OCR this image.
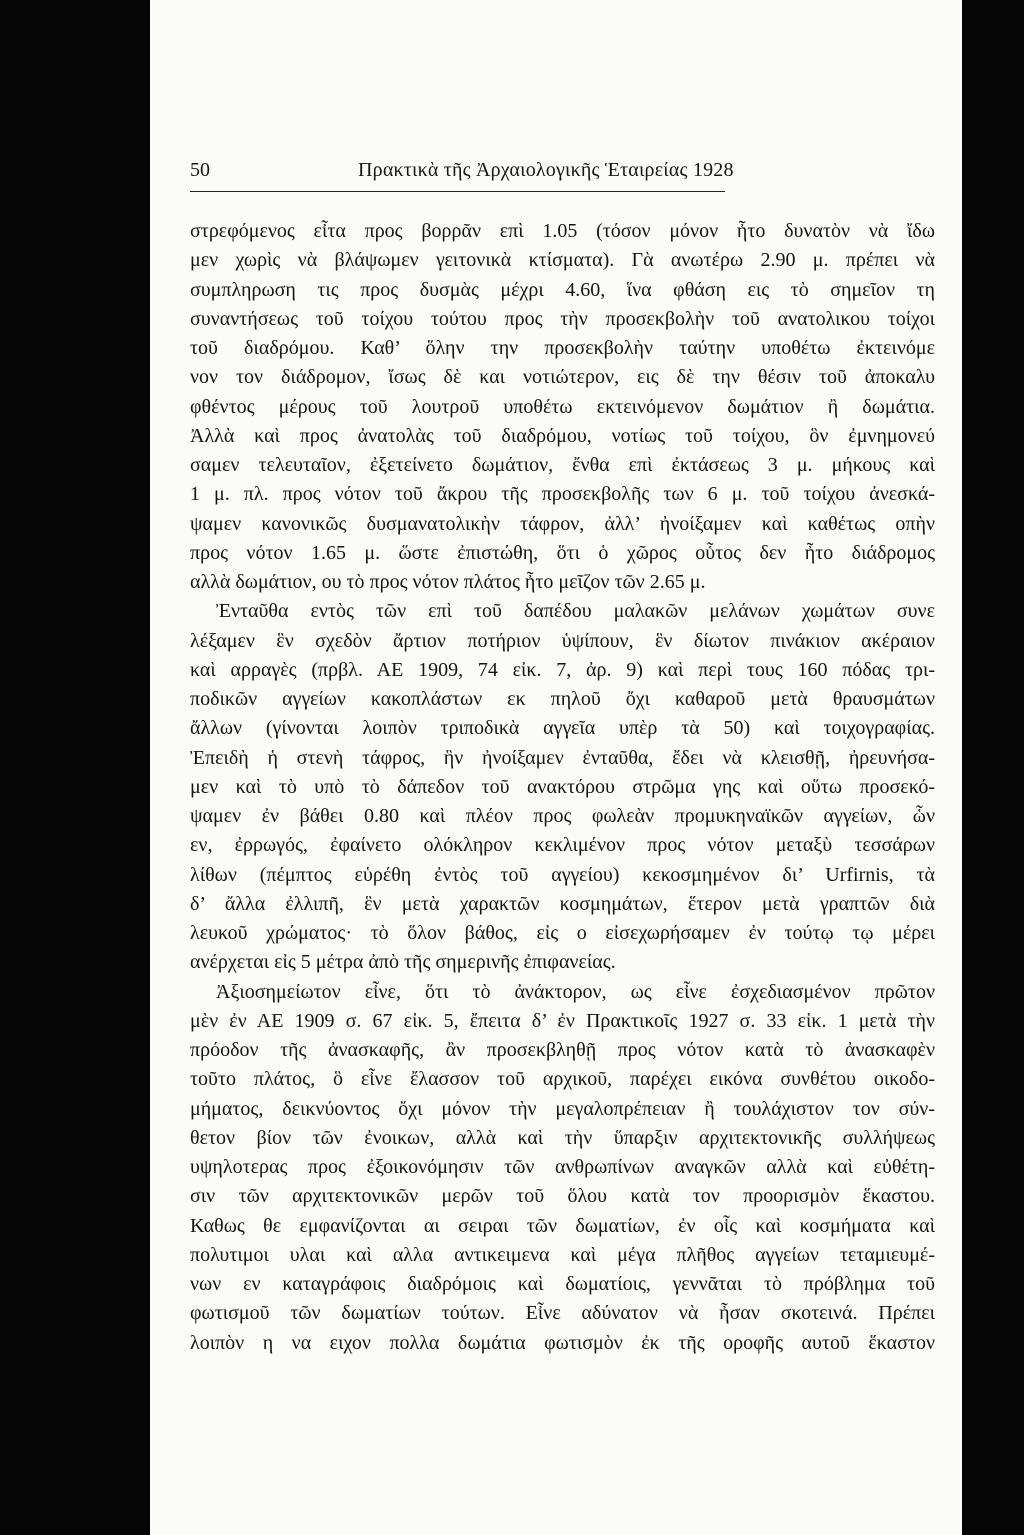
50	Πρακτικὰ τῆς Ἀρχαιολογικῆς Ἑταιρείας 1928
στρεφόμενος εἶτα προς βορρᾶν επὶ 1.05 (τόσον μόνον ἦτο δυνατὸν νὰ ἴδω
μεν χωρὶς νὰ βλάψωμεν γειτονικὰ κτίσματα). Γὰ ανωτέρω 2.90 μ. πρέπει νὰ
συμπληρωση τις προς δυσμὰς μέχρι 4.60, ἵνα φθάση εις τὸ σημεῖον τη
συναντήσεως τοῦ τοίχου τούτου προς τὴν προσεκβολὴν τοῦ ανατολικου τοίχοι
τοῦ διαδρόμου. Καθ’ ὅλην την προσεκβολὴν ταύτην υποθέτω ἐκτεινόμε
νον τον διάδρομον, ἴσως δὲ και νοτιώτερον, εις δὲ την θέσιν τοῦ ἀποκαλυ
φθέντος μέρους τοῦ λουτροῦ υποθέτω εκτεινόμενον δωμάτιον ἢ δωμάτια.
Ἀλλὰ καὶ προς ἀνατολὰς τοῦ διαδρόμου, νοτίως τοῦ τοίχου, ὃν ἐμνημονεύ
σαμεν τελευταῖον, ἐξετείνετο δωμάτιον, ἔνθα επὶ ἐκτάσεως 3 μ. μήκους καὶ
1 μ. πλ. προς νότον τοῦ ἄκρου τῆς προσεκβολῆς των 6 μ. τοῦ τοίχου ἀνεσκά-
ψαμεν κανονικῶς δυσμανατολικὴν τάφρον, ἀλλ’ ἠνοίξαμεν καὶ καθέτως οπὴν
προς νότον 1.65 μ. ὥστε ἐπιστώθη, ὅτι ὁ χῶρος οὗτος δεν ἦτο διάδρομος
αλλὰ δωμάτιον, ου τὸ προς νότον πλάτος ἦτο μεῖζον τῶν 2.65 μ.
Ἐνταῦθα εντὸς τῶν επὶ τοῦ δαπέδου μαλακῶν μελάνων χωμάτων συνε
λέξαμεν ἓν σχεδὸν ἄρτιον ποτήριον ὑψίπουν, ἓν δίωτον πινάκιον ακέραιον
καὶ αρραγὲς (πρβλ. ΑΕ 1909, 74 εἰκ. 7, ἀρ. 9) καὶ περὶ τους 160 πόδας τρι-
ποδικῶν αγγείων κακοπλάστων εκ πηλοῦ ὄχι καθαροῦ μετὰ θραυσμάτων
ἄλλων (γίνονται λοιπὸν τριποδικὰ αγγεῖα υπὲρ τὰ 50) καὶ τοιχογραφίας.
Ἐπειδὴ ἡ στενὴ τάφρος, ἣν ἠνοίξαμεν ἐνταῦθα, ἔδει νὰ κλεισθῇ, ἠρευνήσα-
μεν καὶ τὸ υπὸ τὸ δάπεδον τοῦ ανακτόρου στρῶμα γης καὶ οὕτω προσεκό-
ψαμεν ἐν βάθει 0.80 καὶ πλέον προς φωλεὰν προμυκηναϊκῶν αγγείων, ὧν
εν, ἐρρωγός, ἐφαίνετο ολόκληρον κεκλιμένον προς νότον μεταξὺ τεσσάρων
λίθων (πέμπτος εὑρέθη ἐντὸς τοῦ αγγείου) κεκοσμημένον δι’ Urfirnis, τὰ
δ’ ἄλλα ἐλλιπῆ, ἓν μετὰ χαρακτῶν κοσμημάτων, ἕτερον μετὰ γραπτῶν διὰ
λευκοῦ χρώματος· τὸ ὅλον βάθος, εἰς ο εἰσεχωρήσαμεν ἐν τούτῳ τῳ μέρει
ανέρχεται εἰς 5 μέτρα ἀπὸ τῆς σημερινῆς ἐπιφανείας.
Ἀξιοσημείωτον εἶνε, ὅτι τὸ ἀνάκτορον, ως εἶνε ἐσχεδιασμένον πρῶτον
μὲν ἐν ΑΕ 1909 σ. 67 εἰκ. 5, ἔπειτα δ’ ἐν Πρακτικοῖς 1927 σ. 33 εἰκ. 1 μετὰ τὴν
πρόοδον τῆς ἀνασκαφῆς, ἂν προσεκβληθῇ προς νότον κατὰ τὸ ἀνασκαφὲν
τοῦτο πλάτος, ὃ εἶνε ἔλασσον τοῦ αρχικοῦ, παρέχει εικόνα συνθέτου οικοδο-
μήματος, δεικνύοντος ὄχι μόνον τὴν μεγαλοπρέπειαν ἢ τουλάχιστον τον σύν-
θετον βίον τῶν ἐνοικων, αλλὰ καὶ τὴν ὕπαρξιν αρχιτεκτονικῆς συλλήψεως
υψηλοτερας προς ἐξοικονόμησιν τῶν ανθρωπίνων αναγκῶν αλλὰ καὶ εὐθέτη-
σιν τῶν αρχιτεκτονικῶν μερῶν τοῦ ὅλου κατὰ τον προορισμὸν ἕκαστου.
Καθως θε εμφανίζονται αι σειραι τῶν δωματίων, ἐν οἷς καὶ κοσμήματα καὶ
πολυτιμοι υλαι καὶ αλλα αντικειμενα καὶ μέγα πλῆθος αγγείων τεταμιευμέ-
νων εν καταγράφοις διαδρόμοις καὶ δωματίοις, γεννᾶται τὸ πρόβλημα τοῦ
φωτισμοῦ τῶν δωματίων τούτων. Εἶνε αδύνατον νὰ ἦσαν σκοτεινά. Πρέπει
λοιπὸν η να ειχον πολλα δωμάτια φωτισμὸν ἐκ τῆς οροφῆς αυτοῦ ἕκαστον
